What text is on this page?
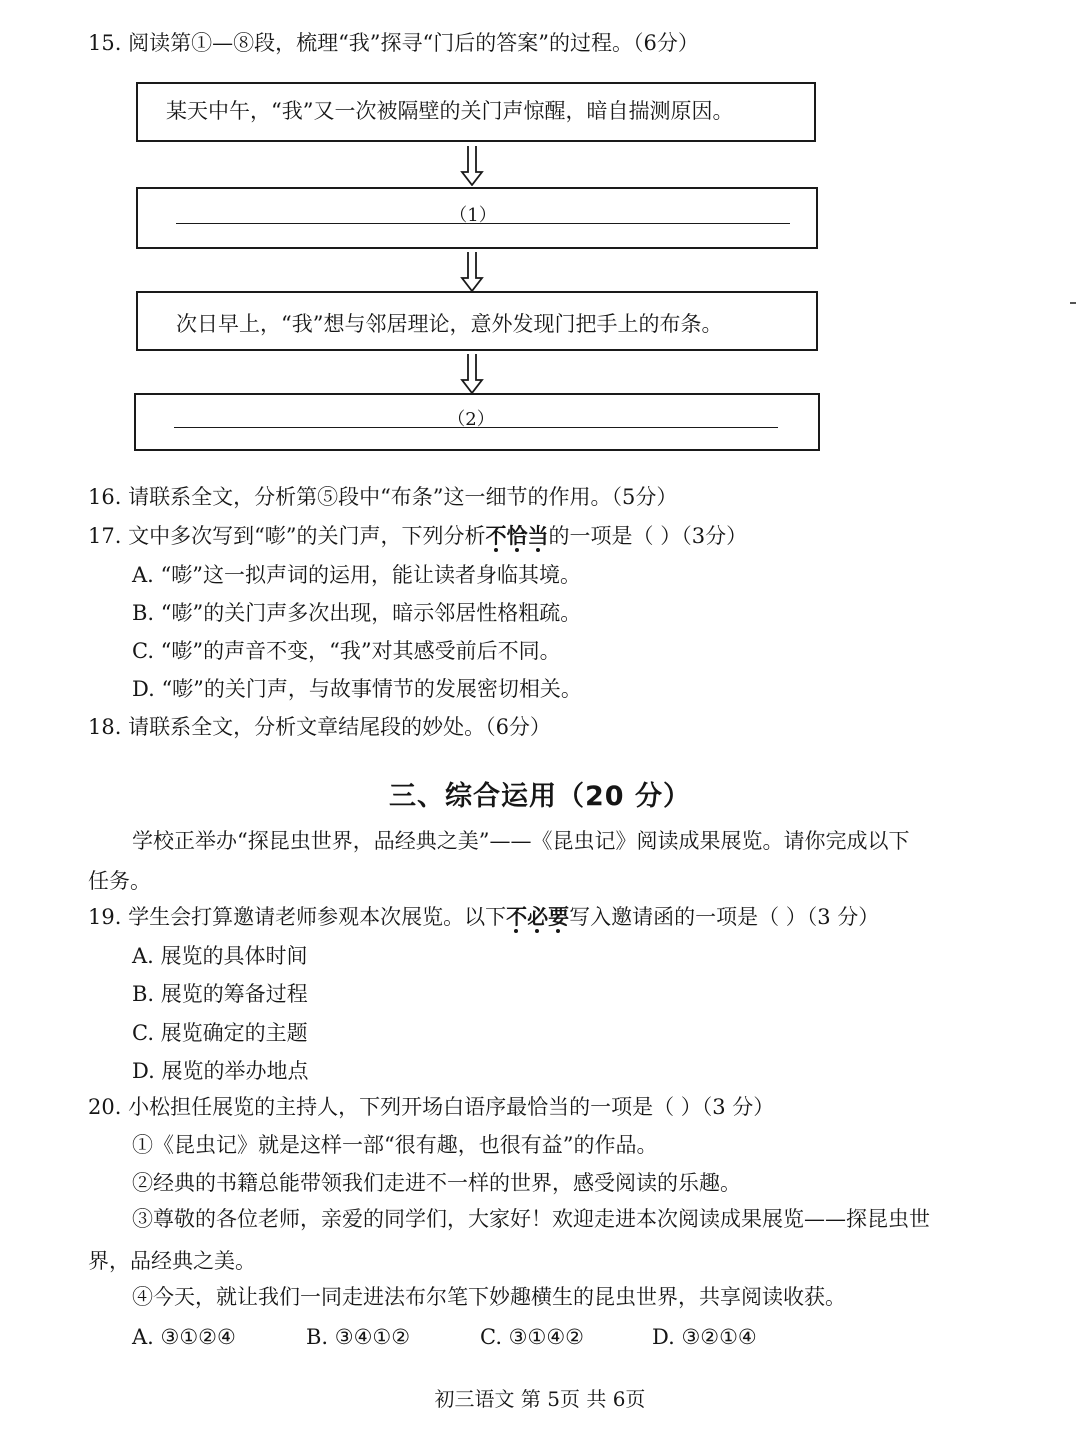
15. 阅读第①—⑧段，梳理“我”探寻“门后的答案”的过程。（6分）
某天中午，“我”又一次被隔壁的关门声惊醒，暗自揣测原因。
（1）
次日早上，“我”想与邻居理论，意外发现门把手上的布条。
（2）
16. 请联系全文，分析第⑤段中“布条”这一细节的作用。（5分）
17. 文中多次写到“嘭”的关门声，下列分析不恰当
的一项是（ ）（3分）
A. “嘭”这一拟声词的运用，能让读者身临其境。
B. “嘭”的关门声多次出现，暗示邻居性格粗疏。
C. “嘭”的声音不变，“我”对其感受前后不同。
D. “嘭”的关门声，与故事情节的发展密切相关。
18. 请联系全文，分析文章结尾段的妙处。（6分）
三、综合运用（20 分）
学校正举办“探昆虫世界，品经典之美”——《昆虫记》阅读成果展览。请你完成以下
任务。
19. 学生会打算邀请老师参观本次展览。以下不必要
写入邀请函的一项是（ ）（3 分）
A. 展览的具体时间
B. 展览的筹备过程
C. 展览确定的主题
D. 展览的举办地点
20. 小松担任展览的主持人，下列开场白语序最恰当的一项是（ ）（3 分）
①《昆虫记》就是这样一部“很有趣，也很有益”的作品。
②经典的书籍总能带领我们走进不一样的世界，感受阅读的乐趣。
③尊敬的各位老师，亲爱的同学们，大家好！欢迎走进本次阅读成果展览——探昆虫世
界，品经典之美。
④今天，就让我们一同走进法布尔笔下妙趣横生的昆虫世界，共享阅读收获。
A. ③①②④	B. ③④①②	C. ③①④②	D. ③②①④
初三语文 第 5页 共 6页
